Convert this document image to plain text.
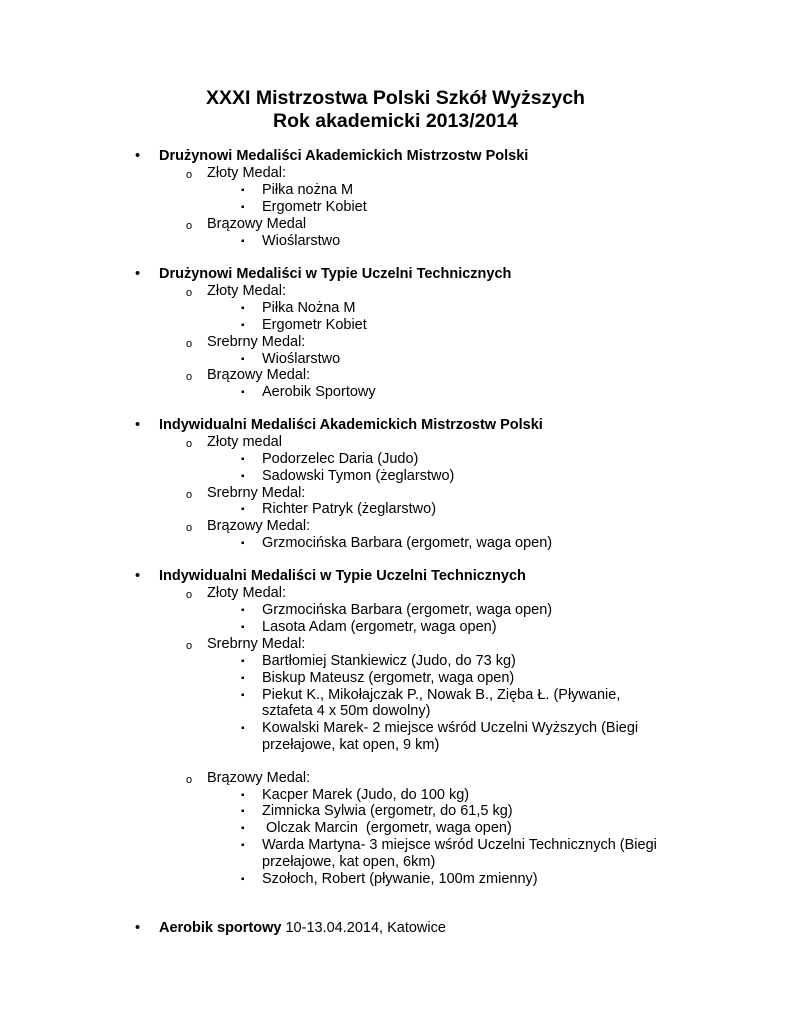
XXXI Mistrzostwa Polski Szkół Wyższych
Rok akademicki 2013/2014
• Drużynowi Medaliści Akademickich Mistrzostw Polski
o Złoty Medal:
▪ Piłka nożna M
▪ Ergometr Kobiet
o Brązowy Medal
▪ Wioślarstwo
• Drużynowi Medaliści w Typie Uczelni Technicznych
o Złoty Medal:
▪ Piłka Nożna M
▪ Ergometr Kobiet
o Srebrny Medal:
▪ Wioślarstwo
o Brązowy Medal:
▪ Aerobik Sportowy
• Indywidualni Medaliści Akademickich Mistrzostw Polski
o Złoty medal
▪ Podorzelec Daria (Judo)
▪ Sadowski Tymon (żeglarstwo)
o Srebrny Medal:
▪ Richter Patryk (żeglarstwo)
o Brązowy Medal:
▪ Grzmocińska Barbara (ergometr, waga open)
• Indywidualni Medaliści w Typie Uczelni Technicznych
o Złoty Medal:
▪ Grzmocińska Barbara (ergometr, waga open)
▪ Lasota Adam (ergometr, waga open)
o Srebrny Medal:
▪ Bartłomiej Stankiewicz (Judo, do 73 kg)
▪ Biskup Mateusz (ergometr, waga open)
▪ Piekut K., Mikołajczak P., Nowak B., Zięba Ł. (Pływanie,
sztafeta 4 x 50m dowolny)
▪ Kowalski Marek- 2 miejsce wśród Uczelni Wyższych (Biegi
przełajowe, kat open, 9 km)
o Brązowy Medal:
▪ Kacper Marek (Judo, do 100 kg)
▪ Zimnicka Sylwia (ergometr, do 61,5 kg)
▪ Olczak Marcin  (ergometr, waga open)
▪ Warda Martyna- 3 miejsce wśród Uczelni Technicznych (Biegi
przełajowe, kat open, 6km)
▪ Szołoch, Robert (pływanie, 100m zmienny)
• Aerobik sportowy 10-13.04.2014, Katowice
